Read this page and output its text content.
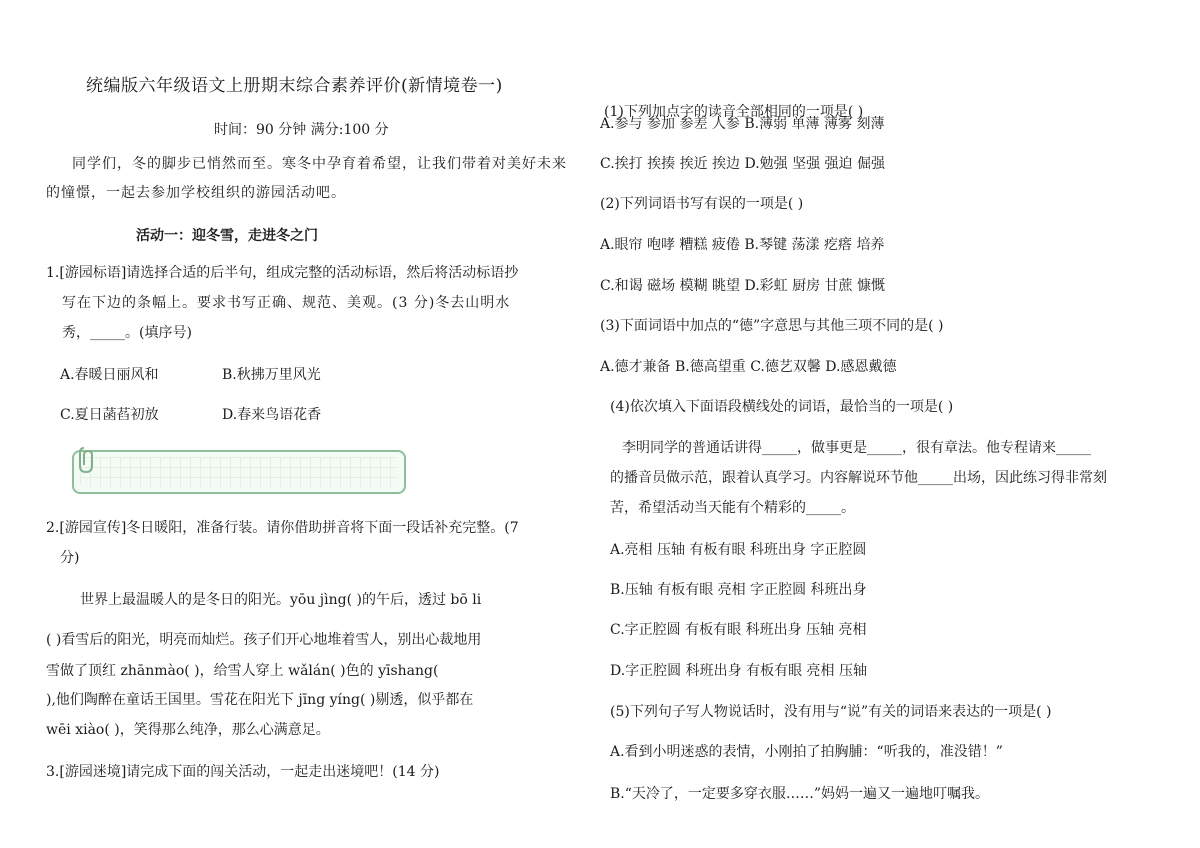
统编版六年级语文上册期末综合素养评价(新情境卷一)
时间：90 分钟 满分:100 分
同学们，冬的脚步已悄然而至。寒冬中孕育着希望，让我们带着对美好未来
的憧憬，一起去参加学校组织的游园活动吧。
活动一：迎冬雪，走进冬之门
1.[游园标语]请选择合适的后半句，组成完整的活动标语，然后将活动标语抄
写在下边的条幅上。要求书写正确、规范、美观。(3 分)冬去山明水
秀，_____。(填序号)
A.春暖日丽风和	B.秋拂万里风光
C.夏日菡萏初放	D.春来鸟语花香
2.[游园宣传]冬日暖阳，准备行装。请你借助拼音将下面一段话补充完整。(7
分)
世界上最温暖人的是冬日的阳光。yōu jìng( )的午后，透过 bō li
( )看雪后的阳光，明亮而灿烂。孩子们开心地堆着雪人，别出心裁地用
雪做了顶红 zhānmào( )，给雪人穿上 wǎlán( )色的 yīshang(
),他们陶醉在童话王国里。雪花在阳光下 jīng yíng( )剔透，似乎都在
wēi xiào( )，笑得那么纯净，那么心满意足。
3.[游园迷境]请完成下面的闯关活动，一起走出迷境吧！(14 分)
(1)下列加点字的读音全部相同的一项是( )
A.参与 参加 参差 人参 B.薄弱 单薄 薄雾 刻薄
C.挨打 挨揍 挨近 挨边 D.勉强 坚强 强迫 倔强
(2)下列词语书写有误的一项是( )
A.眼帘 咆哮 糟糕 疲倦 B.琴键 荡漾 疙瘩 培养
C.和谒 磁场 模糊 眺望 D.彩虹 厨房 甘蔗 慷慨
(3)下面词语中加点的“德”字意思与其他三项不同的是( )
A.德才兼备 B.德高望重 C.德艺双馨 D.感恩戴德
(4)依次填入下面语段横线处的词语，最恰当的一项是( )
李明同学的普通话讲得_____，做事更是_____，很有章法。他专程请来_____
的播音员做示范，跟着认真学习。内容解说环节他_____出场，因此练习得非常刻
苦，希望活动当天能有个精彩的_____。
A.亮相 压轴 有板有眼 科班出身 字正腔圆
B.压轴 有板有眼 亮相 字正腔圆 科班出身
C.字正腔圆 有板有眼 科班出身 压轴 亮相
D.字正腔圆 科班出身 有板有眼 亮相 压轴
(5)下列句子写人物说话时，没有用与“说”有关的词语来表达的一项是( )
A.看到小明迷惑的表情，小刚拍了拍胸脯：“听我的，准没错！”
B.“天冷了，一定要多穿衣服……”妈妈一遍又一遍地叮嘱我。
